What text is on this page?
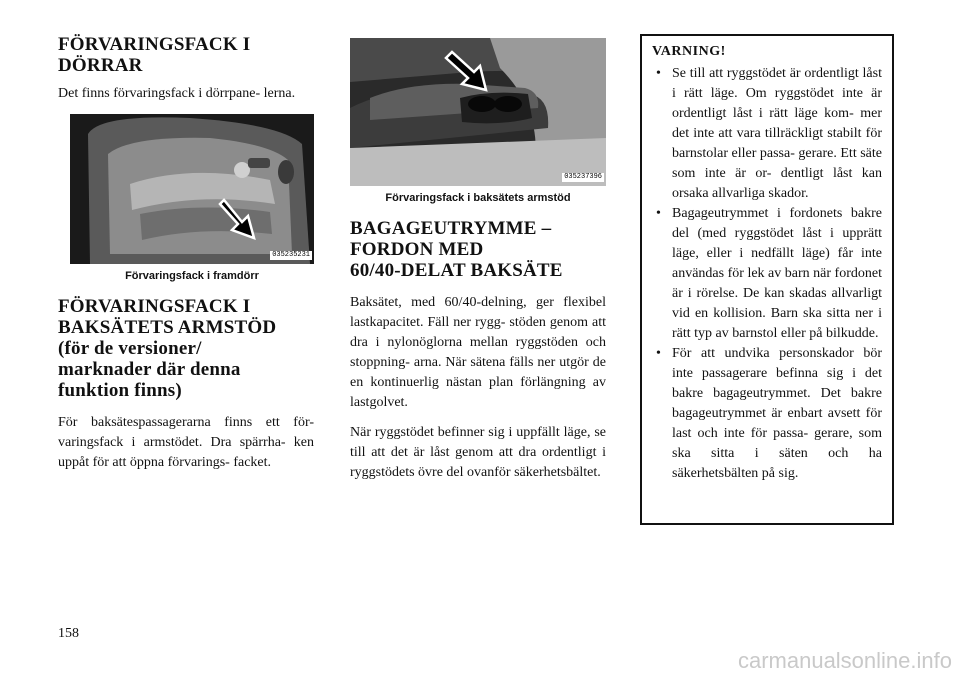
FÖRVARINGSFACK I
DÖRRAR

Det finns förvaringsfack i dörrpane- lerna.

035235231

Förvaringsfack i framdörr

FÖRVARINGSFACK I
BAKSÄTETS ARMSTÖD
(för de versioner/
marknader där denna
funktion finns)

För baksätespassagerarna finns ett för- varingsfack i armstödet. Dra spärrha- ken uppåt för att öppna förvarings- facket.

035237396

Förvaringsfack i baksätets armstöd

BAGAGEUTRYMME –
FORDON MED
60/40-DELAT BAKSÄTE

Baksätet, med 60/40-delning, ger flexibel lastkapacitet. Fäll ner rygg- stöden genom att dra i nylonöglorna mellan ryggstöden och stoppning- arna. När sätena fälls ner utgör de en kontinuerlig nästan plan förlängning av lastgolvet.

När ryggstödet befinner sig i uppfällt läge, se till att det är låst genom att dra ordentligt i ryggstödets övre del ovanför säkerhetsbältet.

VARNING!

• Se till att ryggstödet är ordentligt låst i rätt läge. Om ryggstödet inte är ordentligt låst i rätt läge kom- mer det inte att vara tillräckligt stabilt för barnstolar eller passa- gerare. Ett säte som inte är or- dentligt låst kan orsaka allvarliga skador.
• Bagageutrymmet i fordonets bakre del (med ryggstödet låst i upprätt läge, eller i nedfällt läge) får inte användas för lek av barn när fordonet är i rörelse. De kan skadas allvarligt vid en kollision. Barn ska sitta ner i rätt typ av barnstol eller på bilkudde.
• För att undvika personskador bör inte passagerare befinna sig i det bakre bagageutrymmet. Det bakre bagageutrymmet är enbart avsett för last och inte för passa- gerare, som ska sitta i säten och ha säkerhetsbälten på sig.
158
carmanualsonline.info
